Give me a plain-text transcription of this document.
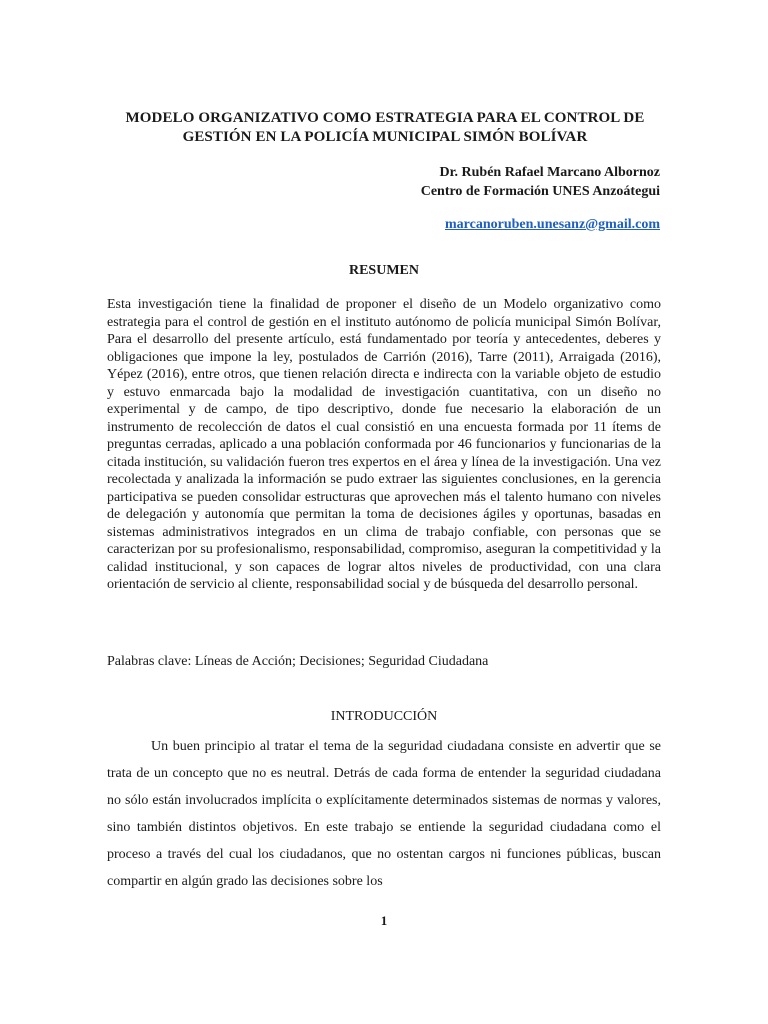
MODELO ORGANIZATIVO COMO ESTRATEGIA PARA EL CONTROL DE GESTIÓN EN LA POLICÍA MUNICIPAL SIMÓN BOLÍVAR
Dr. Rubén Rafael Marcano Albornoz
Centro de Formación UNES Anzoátegui
marcanoruben.unesanz@gmail.com
RESUMEN

Esta investigación tiene la finalidad de proponer el diseño de un Modelo organizativo como estrategia para el control de gestión en el instituto autónomo de policía municipal Simón Bolívar, Para el desarrollo del presente artículo, está fundamentado por teoría y antecedentes, deberes y obligaciones que impone la ley, postulados de Carrión (2016), Tarre (2011), Arraigada (2016), Yépez (2016), entre otros, que tienen relación directa e indirecta con la variable objeto de estudio y estuvo enmarcada bajo la modalidad de investigación cuantitativa, con un diseño no experimental y de campo, de tipo descriptivo, donde fue necesario la elaboración de un instrumento de recolección de datos el cual consistió en una encuesta formada por 11 ítems de preguntas cerradas, aplicado a una población conformada por 46 funcionarios y funcionarias de la citada institución, su validación fueron tres expertos en el área y línea de la investigación. Una vez recolectada y analizada la información se pudo extraer las siguientes conclusiones, en la gerencia participativa se pueden consolidar estructuras que aprovechen más el talento humano con niveles de delegación y autonomía que permitan la toma de decisiones ágiles y oportunas, basadas en sistemas administrativos integrados en un clima de trabajo confiable, con personas que se caracterizan por su profesionalismo, responsabilidad, compromiso, aseguran la competitividad y la calidad institucional, y son capaces de lograr altos niveles de productividad, con una clara orientación de servicio al cliente, responsabilidad social y de búsqueda del desarrollo personal.

Palabras clave: Líneas de Acción; Decisiones; Seguridad Ciudadana

INTRODUCCIÓN

Un buen principio al tratar el tema de la seguridad ciudadana consiste en advertir que se trata de un concepto que no es neutral. Detrás de cada forma de entender la seguridad ciudadana no sólo están involucrados implícita o explícitamente determinados sistemas de normas y valores, sino también distintos objetivos. En este trabajo se entiende la seguridad ciudadana como el proceso a través del cual los ciudadanos, que no ostentan cargos ni funciones públicas, buscan compartir en algún grado las decisiones sobre los

1
